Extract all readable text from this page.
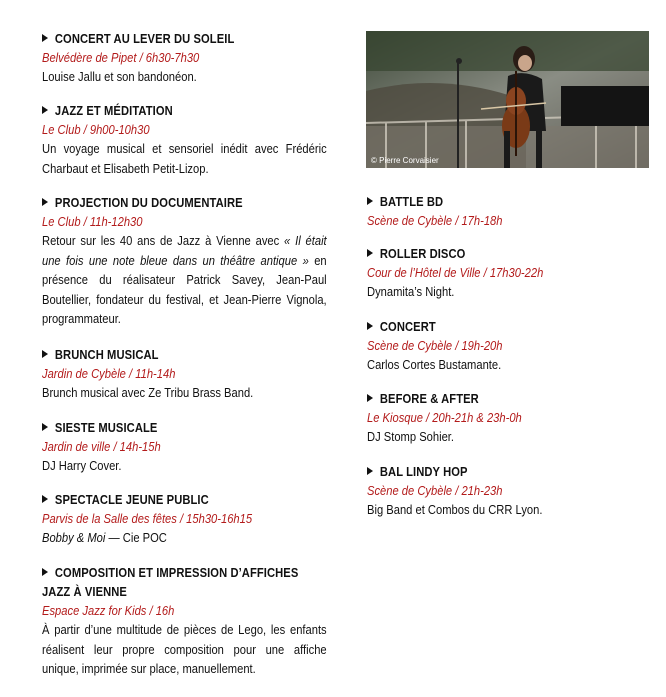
CONCERT AU LEVER DU SOLEIL
Belvédère de Pipet / 6h30-7h30
Louise Jallu et son bandonéon.
JAZZ ET MÉDITATION
Le Club / 9h00-10h30
Un voyage musical et sensoriel inédit avec Frédéric Charbaut et Elisabeth Petit-Lizop.
PROJECTION DU DOCUMENTAIRE
Le Club / 11h-12h30
Retour sur les 40 ans de Jazz à Vienne avec « Il était une fois une note bleue dans un théâtre antique » en présence du réalisateur Patrick Savey, Jean-Paul Boutellier, fondateur du festival, et Jean-Pierre Vignola, programmateur.
BRUNCH MUSICAL
Jardin de Cybèle / 11h-14h
Brunch musical avec Ze Tribu Brass Band.
SIESTE MUSICALE
Jardin de ville / 14h-15h
DJ Harry Cover.
SPECTACLE JEUNE PUBLIC
Parvis de la Salle des fêtes / 15h30-16h15
Bobby & Moi — Cie POC
COMPOSITION ET IMPRESSION D’AFFICHES JAZZ À VIENNE
Espace Jazz for Kids / 16h
À partir d’une multitude de pièces de Lego, les enfants réalisent leur propre composition pour une affiche unique, imprimée sur place, manuellement.
© Pierre Corvaisier
BATTLE BD
Scène de Cybèle / 17h-18h
ROLLER DISCO
Cour de l’Hôtel de Ville / 17h30-22h
Dynamita’s Night.
CONCERT
Scène de Cybèle / 19h-20h
Carlos Cortes Bustamante.
BEFORE & AFTER
Le Kiosque / 20h-21h & 23h-0h
DJ Stomp Sohier.
BAL LINDY HOP
Scène de Cybèle / 21h-23h
Big Band et Combos du CRR Lyon.
